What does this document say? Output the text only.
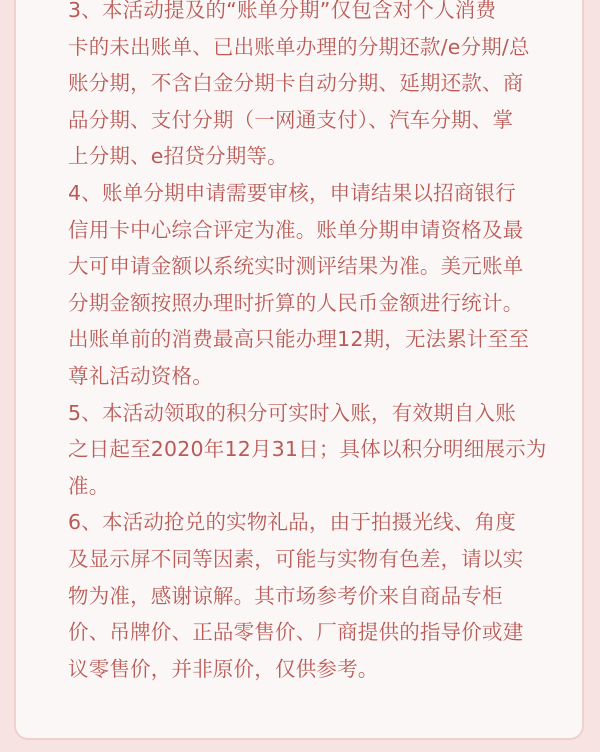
3、本活动提及的“账单分期”仅包含对个人消费
卡的未出账单、已出账单办理的分期还款/e分期/总
账分期，不含白金分期卡自动分期、延期还款、商
品分期、支付分期（一网通支付）、汽车分期、掌
上分期、e招贷分期等。
4、账单分期申请需要审核，申请结果以招商银行
信用卡中心综合评定为准。账单分期申请资格及最
大可申请金额以系统实时测评结果为准。美元账单
分期金额按照办理时折算的人民币金额进行统计。
出账单前的消费最高只能办理12期，无法累计至至
尊礼活动资格。
5、本活动领取的积分可实时入账，有效期自入账
之日起至2020年12月31日；具体以积分明细展示为
准。
6、本活动抢兑的实物礼品，由于拍摄光线、角度
及显示屏不同等因素，可能与实物有色差，请以实
物为准，感谢谅解。其市场参考价来自商品专柜
价、吊牌价、正品零售价、厂商提供的指导价或建
议零售价，并非原价，仅供参考。
